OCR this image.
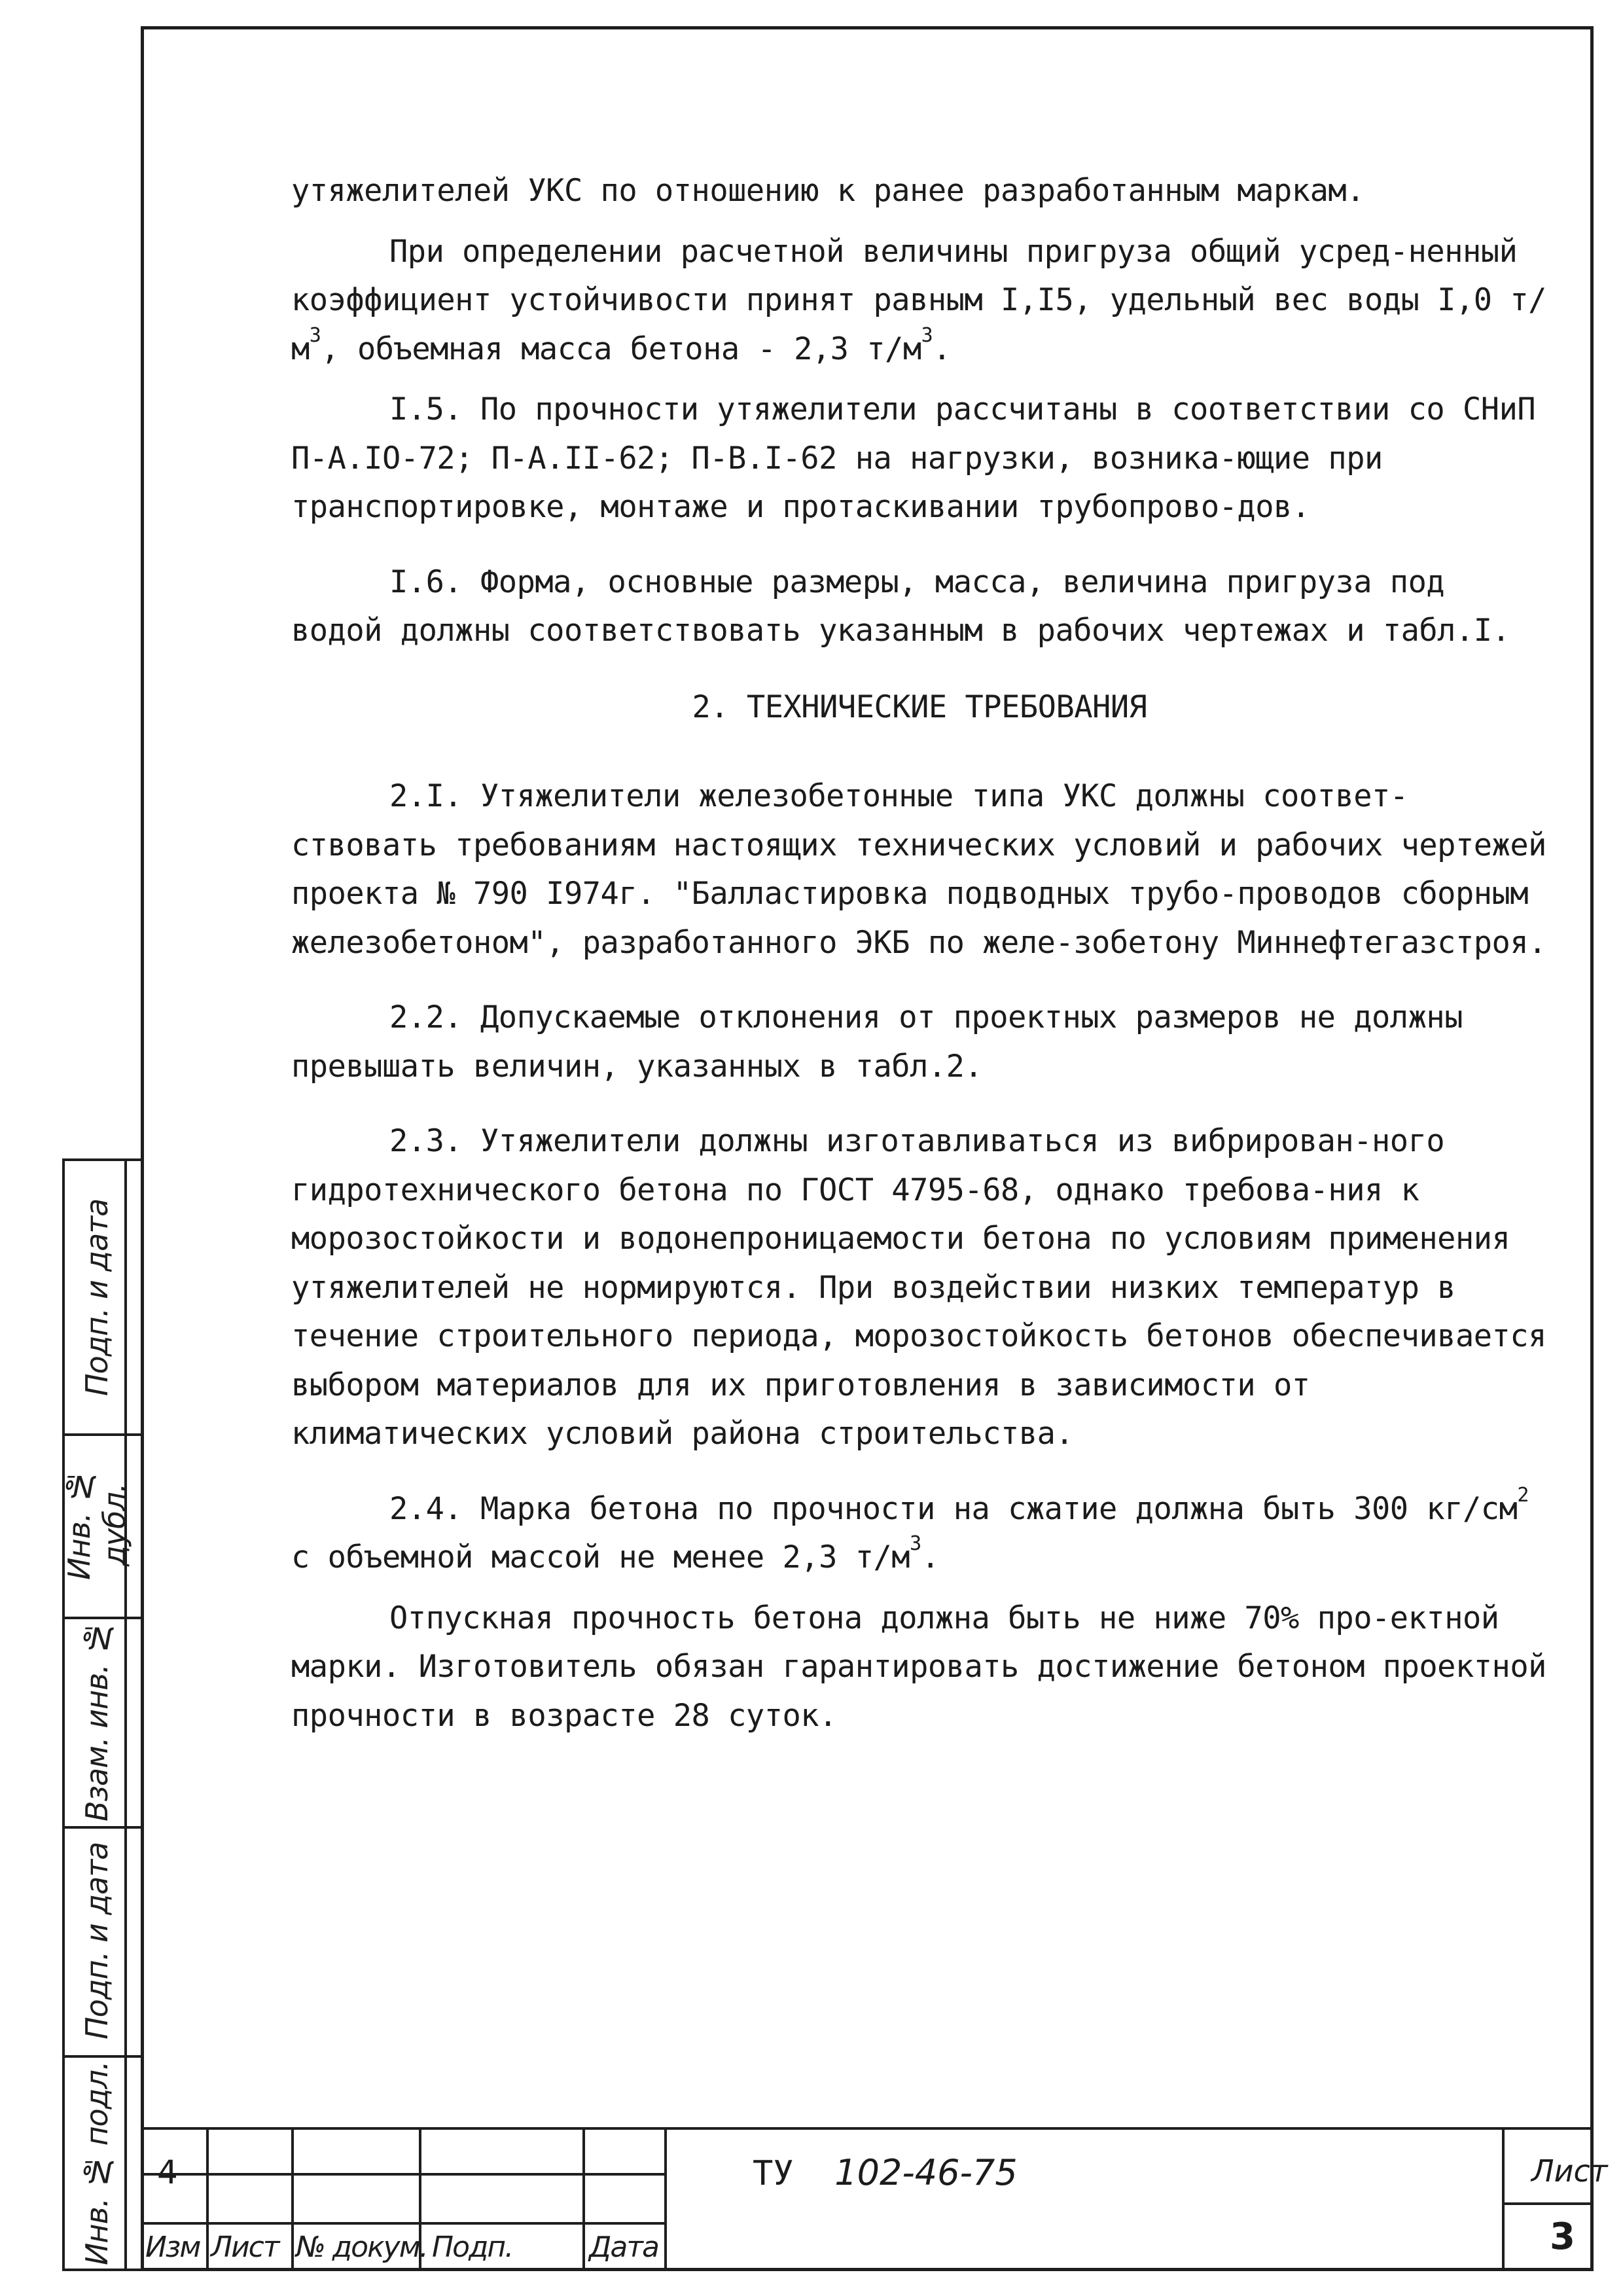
утяжелителей УКС по отношению к ранее разработанным маркам.

При определении расчетной величины пригруза общий усред-ненный коэффициент устойчивости принят равным I,I5, удельный вес воды I,0 $т/м^3$, объемная масса бетона - 2,3 $т/м^3$.

I.5. По прочности утяжелители рассчитаны в соответствии со СНиП П-А.IO-72; П-А.II-62; П-В.I-62 на нагрузки, возника-ющие при транспортировке, монтаже и протаскивании трубопрово-дов.

I.6. Форма, основные размеры, масса, величина пригруза под водой должны соответствовать указанным в рабочих чертежах и табл.I.

2. ТЕХНИЧЕСКИЕ ТРЕБОВАНИЯ

2.I. Утяжелители железобетонные типа УКС должны соответ-ствовать требованиям настоящих технических условий и рабочих чертежей проекта № 790 I974г. "Балластировка подводных трубо-проводов сборным железобетоном", разработанного ЭКБ по желе-зобетону Миннефтегазстроя.

2.2. Допускаемые отклонения от проектных размеров не должны превышать величин, указанных в табл.2.

2.3. Утяжелители должны изготавливаться из вибрирован-ного гидротехнического бетона по ГОСТ 4795-68, однако требова-ния к морозостойкости и водонепроницаемости бетона по условиям применения утяжелителей не нормируются. При воздействии низких температур в течение строительного периода, морозостойкость бетонов обеспечивается выбором материалов для их приготовления в зависимости от климатических условий района строительства.

2.4. Марка бетона по прочности на сжатие должна быть 300 $кг/см^2$ с объемной массой не менее 2,3 $т/м^3$.

Отпускная прочность бетона должна быть не ниже 70% про-ектной марки. Изготовитель обязан гарантировать достижение бетоном проектной прочности в возрасте 28 суток.

Подп. и дата
Инв. № дубл.
Взам. инв. №
Подп. и дата
Инв. № подл.	4
Изм Лист № докум. Подп.	Дата
ТУ 102-46-75	Лист
3
